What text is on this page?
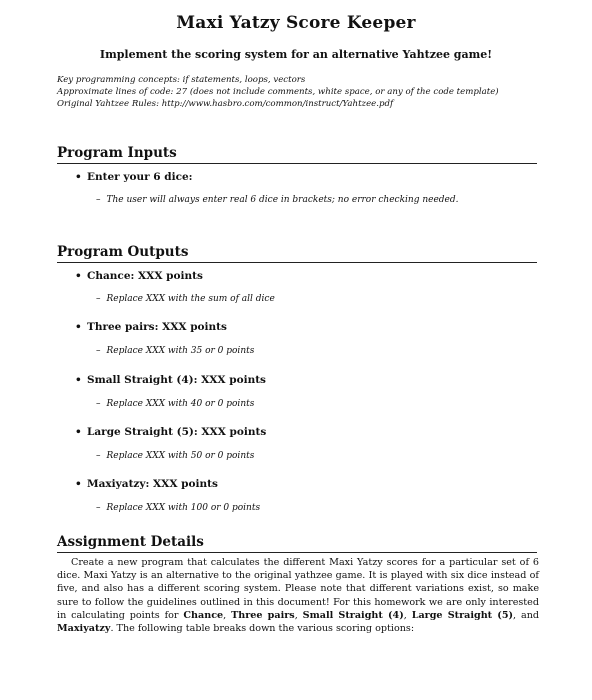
Maxi Yatzy Score Keeper
Implement the scoring system for an alternative Yahtzee game!
Key programming concepts: if statements, loops, vectors
Approximate lines of code: 27 (does not include comments, white space, or any of the code template)
Original Yahtzee Rules: http://www.hasbro.com/common/instruct/Yahtzee.pdf
Program Inputs
• Enter your 6 dice:
– The user will always enter real 6 dice in brackets; no error checking needed.
Program Outputs
• Chance: XXX points
– Replace XXX with the sum of all dice
• Three pairs: XXX points
– Replace XXX with 35 or 0 points
• Small Straight (4): XXX points
– Replace XXX with 40 or 0 points
• Large Straight (5): XXX points
– Replace XXX with 50 or 0 points
• Maxiyatzy: XXX points
– Replace XXX with 100 or 0 points
Assignment Details
Create a new program that calculates the different Maxi Yatzy scores for a particular set of 6 dice. Maxi Yatzy is an alternative to the original yathzee game. It is played with six dice instead of five, and also has a different scoring system. Please note that different variations exist, so make sure to follow the guidelines outlined in this document! For this homework we are only interested in calculating points for Chance, Three pairs, Small Straight (4), Large Straight (5), and Maxiyatzy. The following table breaks down the various scoring options:
